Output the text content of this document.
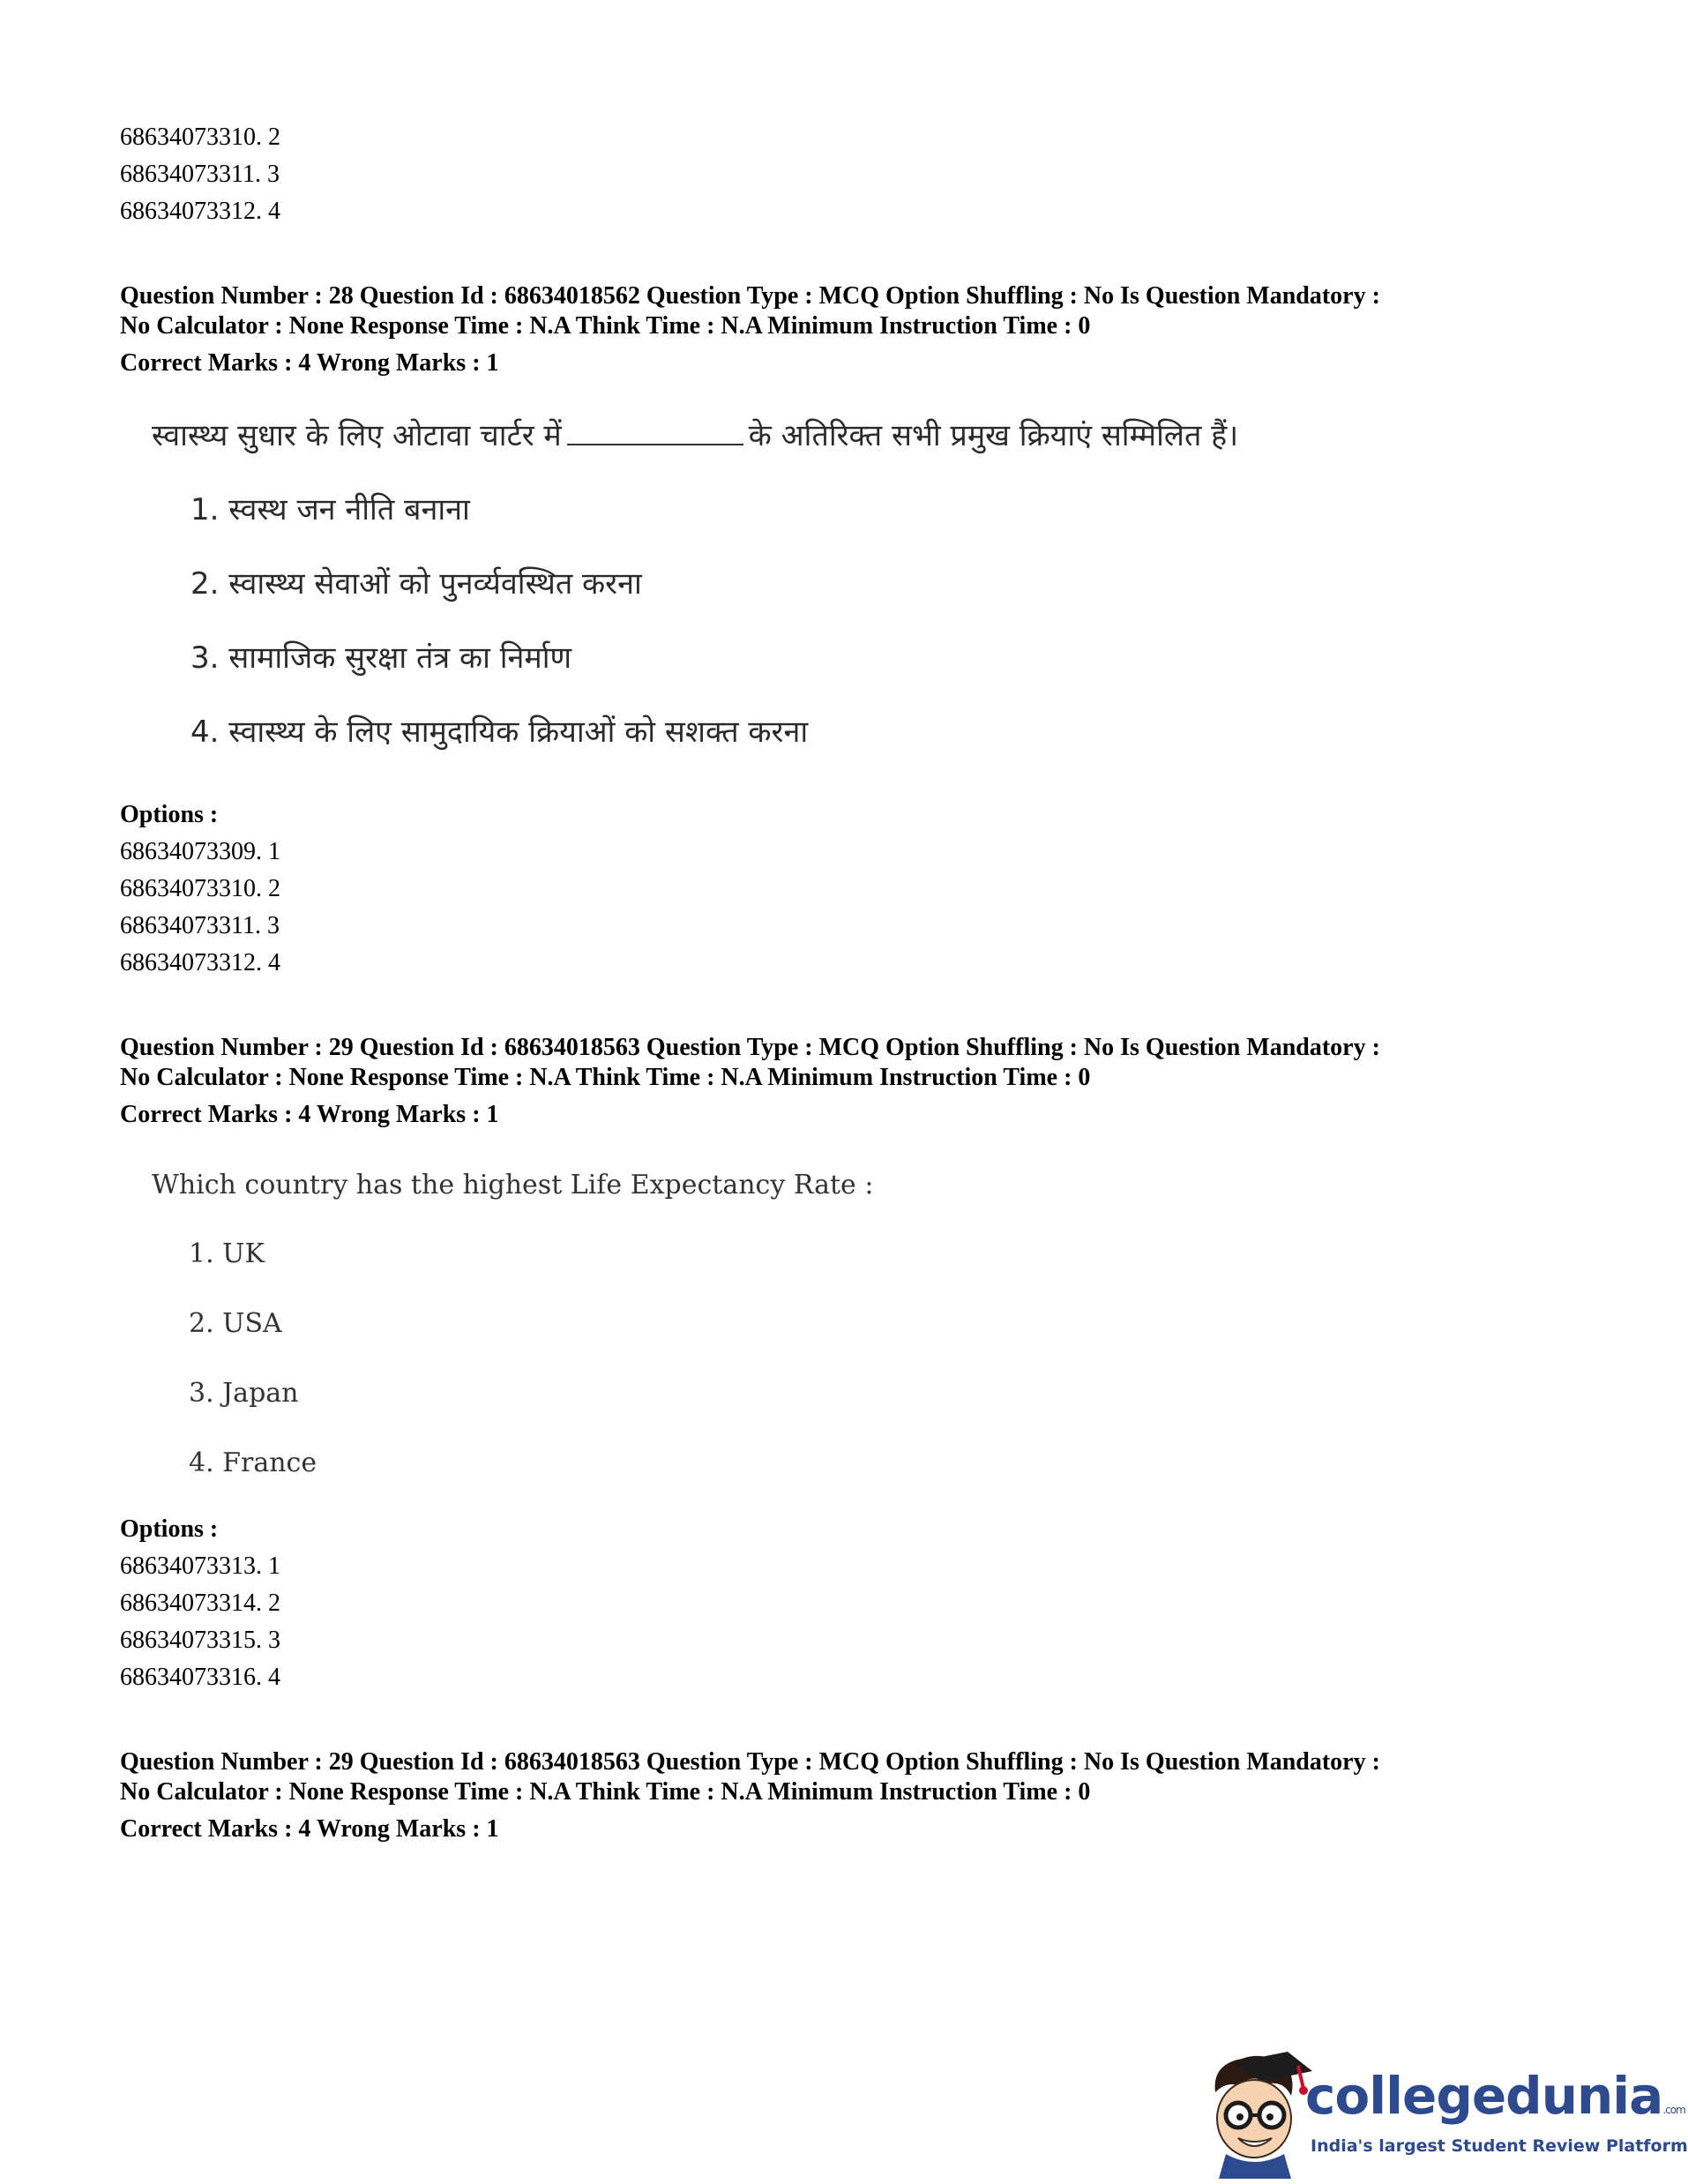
68634073310. 2
68634073311. 3
68634073312. 4
Question Number : 28 Question Id : 68634018562 Question Type : MCQ Option Shuffling : No Is Question Mandatory :
No Calculator : None Response Time : N.A Think Time : N.A Minimum Instruction Time : 0
Correct Marks : 4 Wrong Marks : 1
स्वास्थ्य सुधार के लिए ओटावा चार्टर में	के अतिरिक्त सभी प्रमुख क्रियाएं सम्मिलित हैं।
1. स्वस्थ जन नीति बनाना
2. स्वास्थ्य सेवाओं को पुनर्व्यवस्थित करना
3. सामाजिक सुरक्षा तंत्र का निर्माण
4. स्वास्थ्य के लिए सामुदायिक क्रियाओं को सशक्त करना
Options :
68634073309. 1
68634073310. 2
68634073311. 3
68634073312. 4
Question Number : 29 Question Id : 68634018563 Question Type : MCQ Option Shuffling : No Is Question Mandatory :
No Calculator : None Response Time : N.A Think Time : N.A Minimum Instruction Time : 0
Correct Marks : 4 Wrong Marks : 1
Which country has the highest Life Expectancy Rate :
1. UK
2. USA
3. Japan
4. France
Options :
68634073313. 1
68634073314. 2
68634073315. 3
68634073316. 4
Question Number : 29 Question Id : 68634018563 Question Type : MCQ Option Shuffling : No Is Question Mandatory :
No Calculator : None Response Time : N.A Think Time : N.A Minimum Instruction Time : 0
Correct Marks : 4 Wrong Marks : 1
collegedunia.com
India's largest Student Review Platform
